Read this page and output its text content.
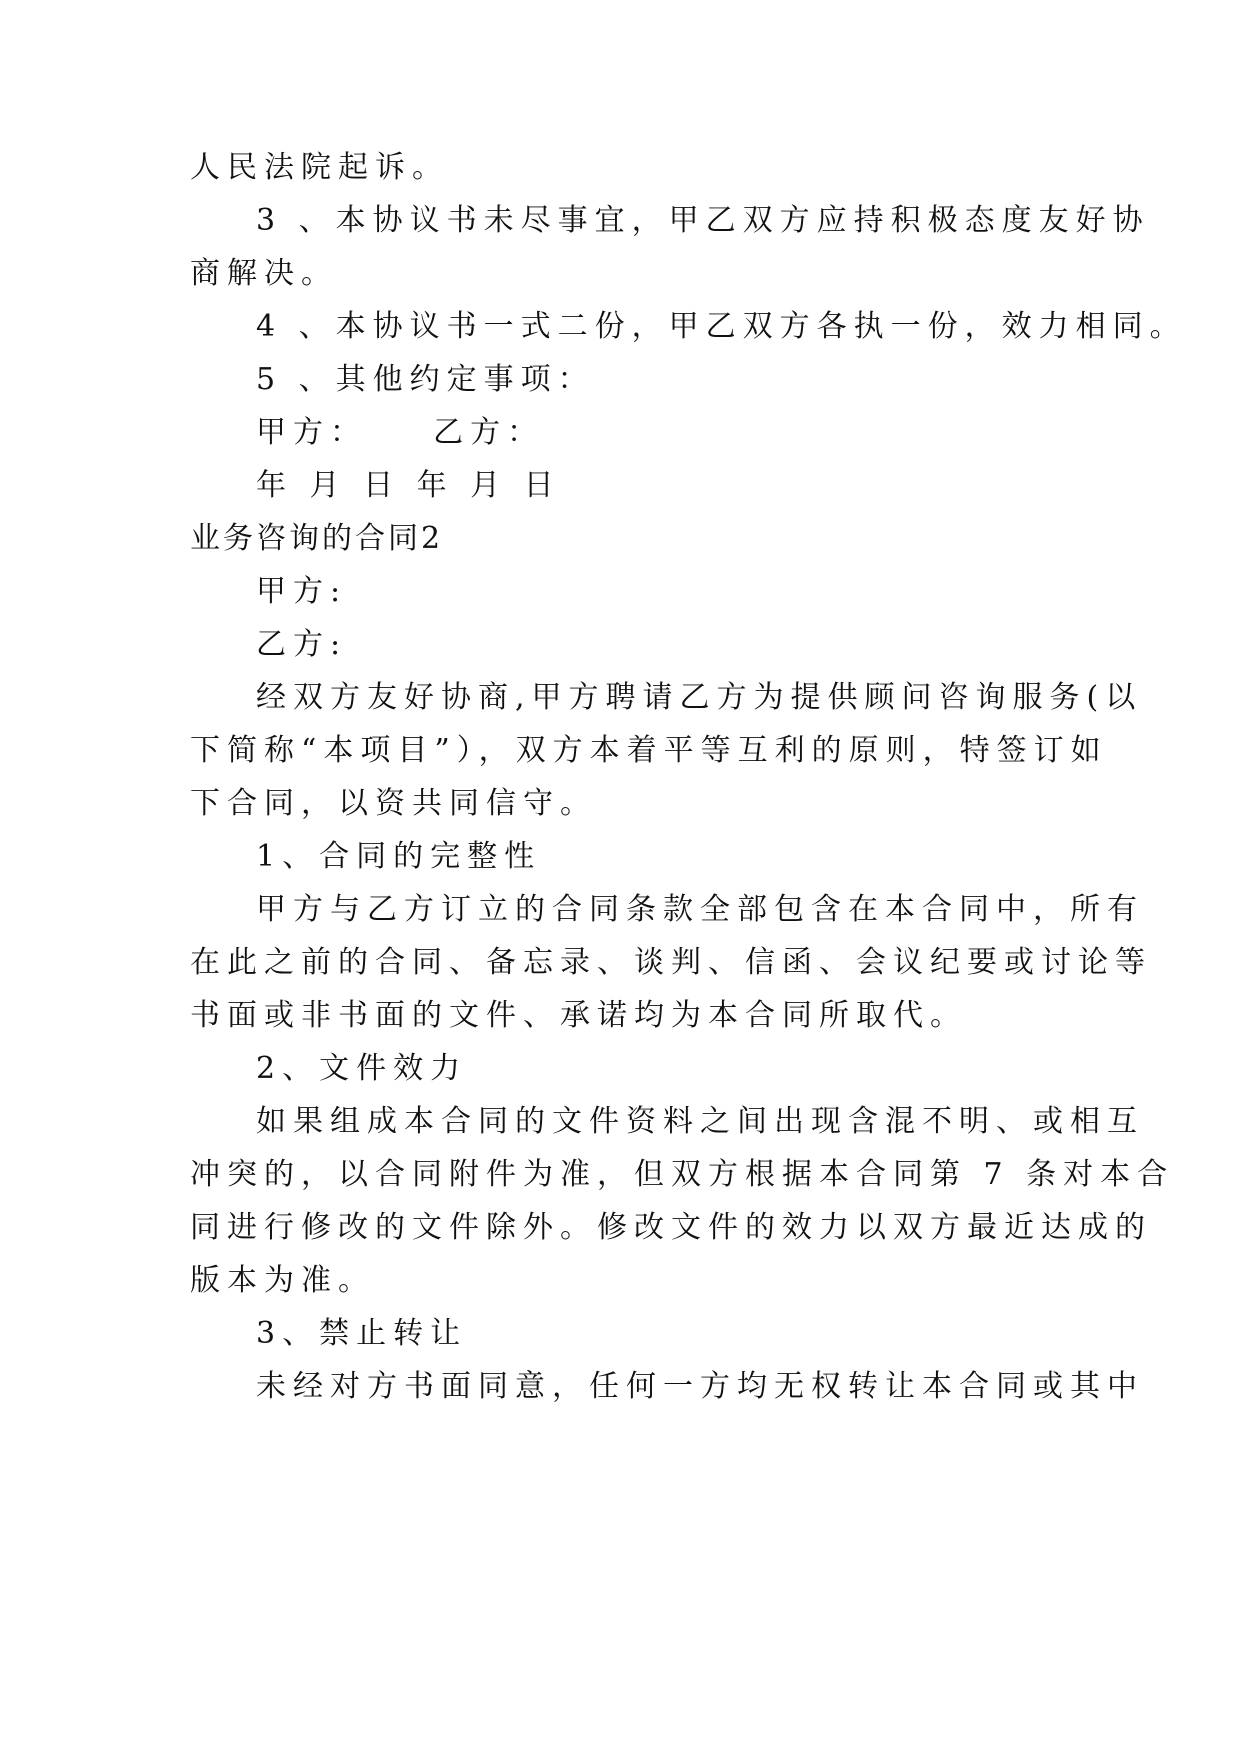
人民法院起诉。
3 、本协议书未尽事宜，甲乙双方应持积极态度友好协
商解决。
4 、本协议书一式二份，甲乙双方各执一份，效力相同。
5 、其他约定事项：
甲方：    乙方：
年 月 日 年 月 日
业务咨询的合同2
甲方:
乙方:
经双方友好协商,甲方聘请乙方为提供顾问咨询服务(以
下简称“本项目”），双方本着平等互利的原则，特签订如
下合同，以资共同信守。
1、合同的完整性
甲方与乙方订立的合同条款全部包含在本合同中，所有
在此之前的合同、备忘录、谈判、信函、会议纪要或讨论等
书面或非书面的文件、承诺均为本合同所取代。
2、文件效力
如果组成本合同的文件资料之间出现含混不明、或相互
冲突的，以合同附件为准，但双方根据本合同第 7 条对本合
同进行修改的文件除外。修改文件的效力以双方最近达成的
版本为准。
3、禁止转让
未经对方书面同意，任何一方均无权转让本合同或其中
